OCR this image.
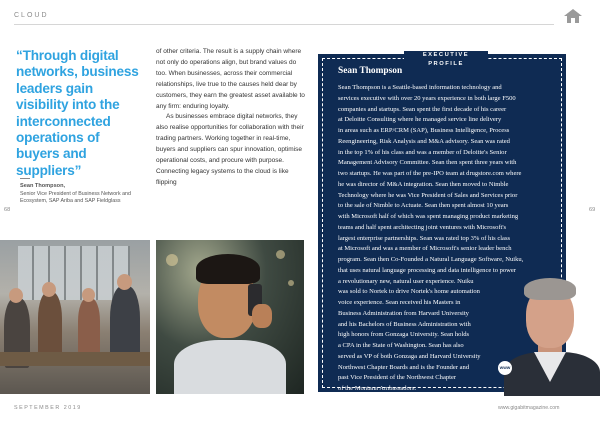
CLOUD
“Through digital networks, business leaders gain visibility into the interconnected operations of buyers and suppliers”
Sean Thompson,
Senior Vice President of Business Network and Ecosystem, SAP Ariba and SAP Fieldglass
68	69

of other criteria. The result is a supply chain where not only do operations align, but brand values do too. When businesses, across their commercial relationships, live true to the causes held dear by customers, they earn the greatest asset available to any firm: enduring loyalty.

As businesses embrace digital networks, they also realise opportunities for collaboration with their trading partners. Working together in real-time, buyers and suppliers can spur innovation, optimise operational costs, and procure with purpose. Connecting legacy systems to the cloud is like flipping

EXECUTIVE PROFILE
Sean Thompson
Sean Thompson is a Seattle-based information technology and
services executive with over 20 years experience in both large F500
companies and startups. Sean spent the first decade of his career
at Deloitte Consulting where he managed service line delivery
in areas such as ERP/CRM (SAP), Business Intelligence, Process
Reengineering, Risk Analysis and M&A advisory. Sean was rated
in the top 1% of his class and was a member of Deloitte's Senior
Management Advisory Committee. Sean then spent three years with
two startups. He was part of the pre-IPO team at drugstore.com where
he was director of M&A integration. Sean then moved to Nimble
Technology where he was Vice President of Sales and Services prior
to the sale of Nimble to Actuate. Sean then spent almost 10 years
with Microsoft half of which was spent managing product marketing
teams and half spent architecting joint ventures with Microsoft's
largest enterprise partnerships. Sean was rated top 3% of his class
at Microsoft and was a member of Microsoft's senior leader bench
program. Sean then Co-Founded a Natural Language Software, Nuiku,
that uses natural language processing and data intelligence to power
a revolutionary new, natural user experience. Nuiku
was sold to Nortek to drive Nortek's home automation
voice experience. Sean received his Masters in
Business Administration from Harvard University
and his Bachelors of Business Administration with
high honors from Gonzaga University. Sean holds
a CPA in the State of Washington. Sean has also
served as VP of both Gonzaga and Harvard University
Northwest Chapter Boards and is the Founder and
past Vice President of the Northwest Chapter
of the Montana Ambassadors.
WWW
SEPTEMBER 2019	www.gigabitmagazine.com
